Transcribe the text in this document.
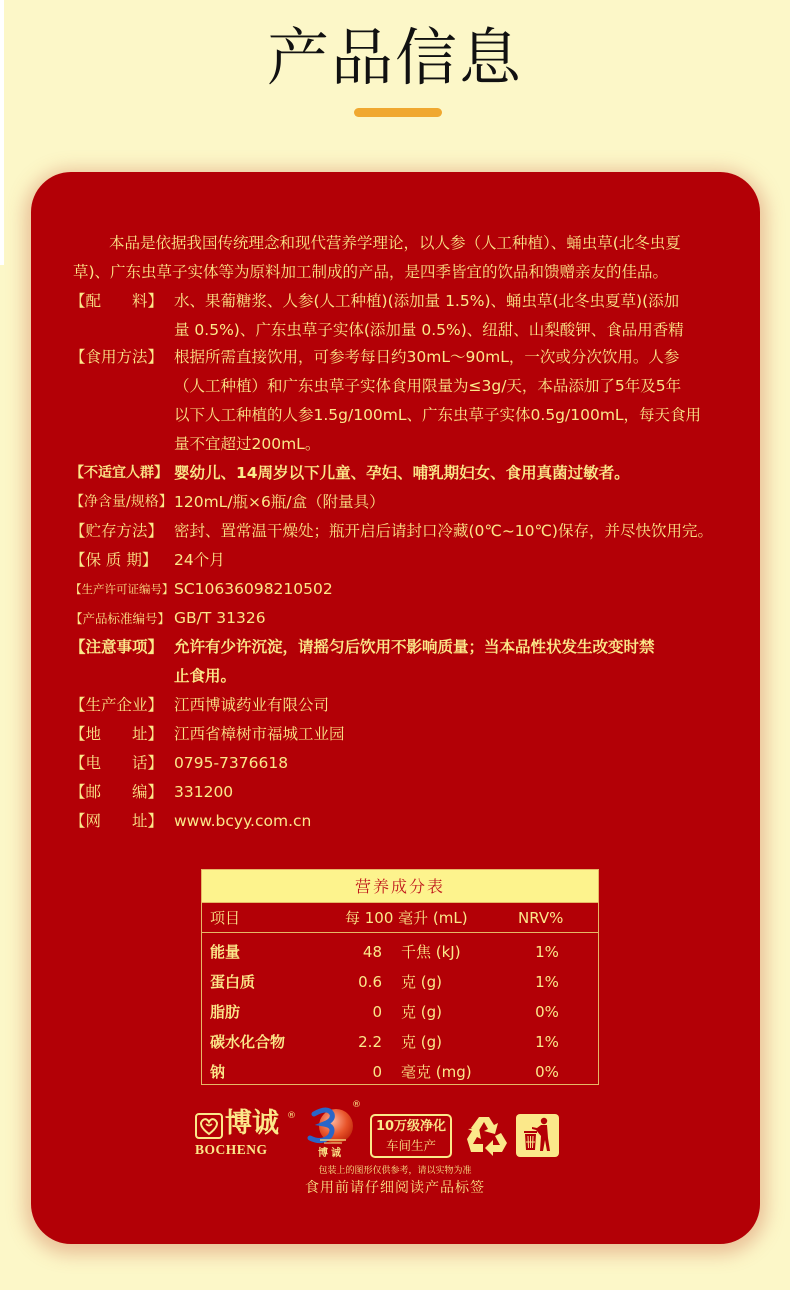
产品信息
本品是依据我国传统理念和现代营养学理论，以人参（人工种植）、蛹虫草(北冬虫夏
草)、广东虫草子实体等为原料加工制成的产品，是四季皆宜的饮品和馈赠亲友的佳品。
【配　　料】 水、果葡糖浆、人参(人工种植)(添加量 1.5%)、蛹虫草(北冬虫夏草)(添加
量 0.5%)、广东虫草子实体(添加量 0.5%)、纽甜、山梨酸钾、食品用香精
【食用方法】 根据所需直接饮用，可参考每日约30mL～90mL，一次或分次饮用。人参
（人工种植）和广东虫草子实体食用限量为≤3g/天，本品添加了5年及5年
以下人工种植的人参1.5g/100mL、广东虫草子实体0.5g/100mL，每天食用
量不宜超过200mL。
【不适宜人群】 婴幼儿、14周岁以下儿童、孕妇、哺乳期妇女、食用真菌过敏者。
【净含量/规格】 120mL/瓶×6瓶/盒（附量具）
【贮存方法】 密封、置常温干燥处；瓶开启后请封口冷藏(0℃~10℃)保存，并尽快饮用完。
【保 质 期】 24个月
【生产许可证编号】 SC10636098210502
【产品标准编号】 GB/T 31326
【注意事项】 允许有少许沉淀，请摇匀后饮用不影响质量；当本品性状发生改变时禁
止食用。
【生产企业】 江西博诚药业有限公司
【地　　址】 江西省樟树市福城工业园
【电　　话】 0795-7376618
【邮　　编】 331200
【网　　址】 www.bcyy.com.cn
营养成分表
项目	每 100 毫升 (mL)	NRV%
能量	48 千焦 (kJ)	1%
蛋白质	0.6 克 (g)	1%
脂肪	0 克 (g)	0%
碳水化合物	2.2 克 (g)	1%
钠	0 毫克 (mg)	0%
博诚 ®
BOCHENG
®
博诚
10万级净化
车间生产
包装上的图形仅供参考，请以实物为准
食用前请仔细阅读产品标签
